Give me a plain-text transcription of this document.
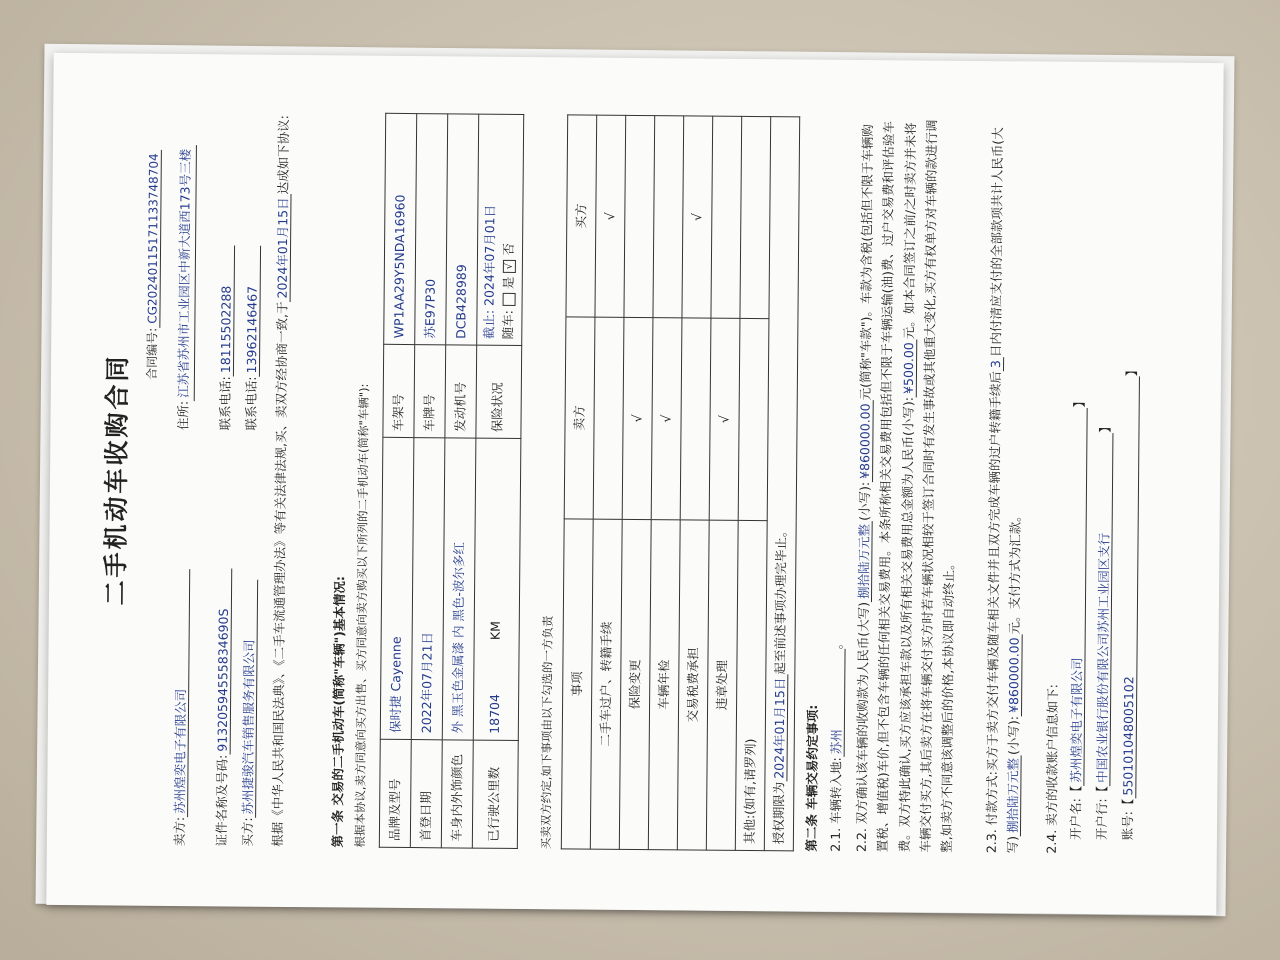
二手机动车收购合同	合同编号:CG20240115171133748704
卖方:苏州煌奕电子有限公司
住所:江苏省苏州市工业园区中新大道西173号三楼
证件名称及号码:91320594555834690S
联系电话:18115502288
买方:苏州捷骏汽车销售服务有限公司
联系电话:13962146467 根据《中华人民共和国民法典》、《二手车流通管理办法》等有关法律法规,买、卖双方经协商一致,于2024年01月15日达成如下协议:
第一条 交易的二手机动车(简称"车辆")基本情况: 根据本协议,卖方同意向买方出售、买方同意向卖方购买以下所列的二手机动车(简称"车辆"):	品牌及型号	保时捷 Cayenne	车架号	WP1AA29Y5NDA16960
首登日期	2022年07月21日	车牌号	苏E97P30
车身内外饰颜色	外 黑玉色金属漆 内 黑色-波尔多红	发动机号	DCB428989
已行驶公里数	18704 KM	保险状况	截止: 2024年07月01日 随车:  是 √ 否
买卖双方约定,如下事项由以下勾选的一方负责	事项	卖方	买方
二手车过户、转籍手续		√
保险变更	√	
车辆年检	√	
交易税费承担		√
违章处理	√	
其他:(如有,请罗列)		
授权期限为2024年01月15日起至前述事项办理完毕止。		
第二条 车辆交易约定事项: 2.1. 车辆转入地:苏州。 2.2. 双方确认该车辆的收购款为人民币(大写)捌拾陆万元整(小写):¥860000.00元(简称"车款")。车款为含税(包括但不限于车辆购置税、增值税)车价,但不包含车辆的任何相关交易费用。本条所称相关交易费用包括但不限于车辆运输(油)费、过户交易费和评估验车费。双方特此确认,买方应该承担车款以及所有相关交易费用总金额为人民币(小写):¥500.00元。如本合同签订之前/之时卖方并未将车辆交付买方,其后卖方在将车辆交付买方时若车辆状况相较于签订合同时有发生事故或其他重大变化,买方有权单方对车辆的款进行调整,如卖方不同意该调整后的价格,本协议即自动终止。	2.3. 付款方式:买方于卖方交付车辆及随车相关文件并且双方完成车辆的过户转籍手续后3日内付清应支付的全部款项共计人民币(大写)捌拾陆万元整(小写):¥860000.00元。支付方式为汇款。
2.4. 卖方的收款账户信息如下: 开户名:【苏州煌奕电子有限公司】
开户行:【中国农业银行股份有限公司苏州工业园区支行】
账号:【550101048005102】
